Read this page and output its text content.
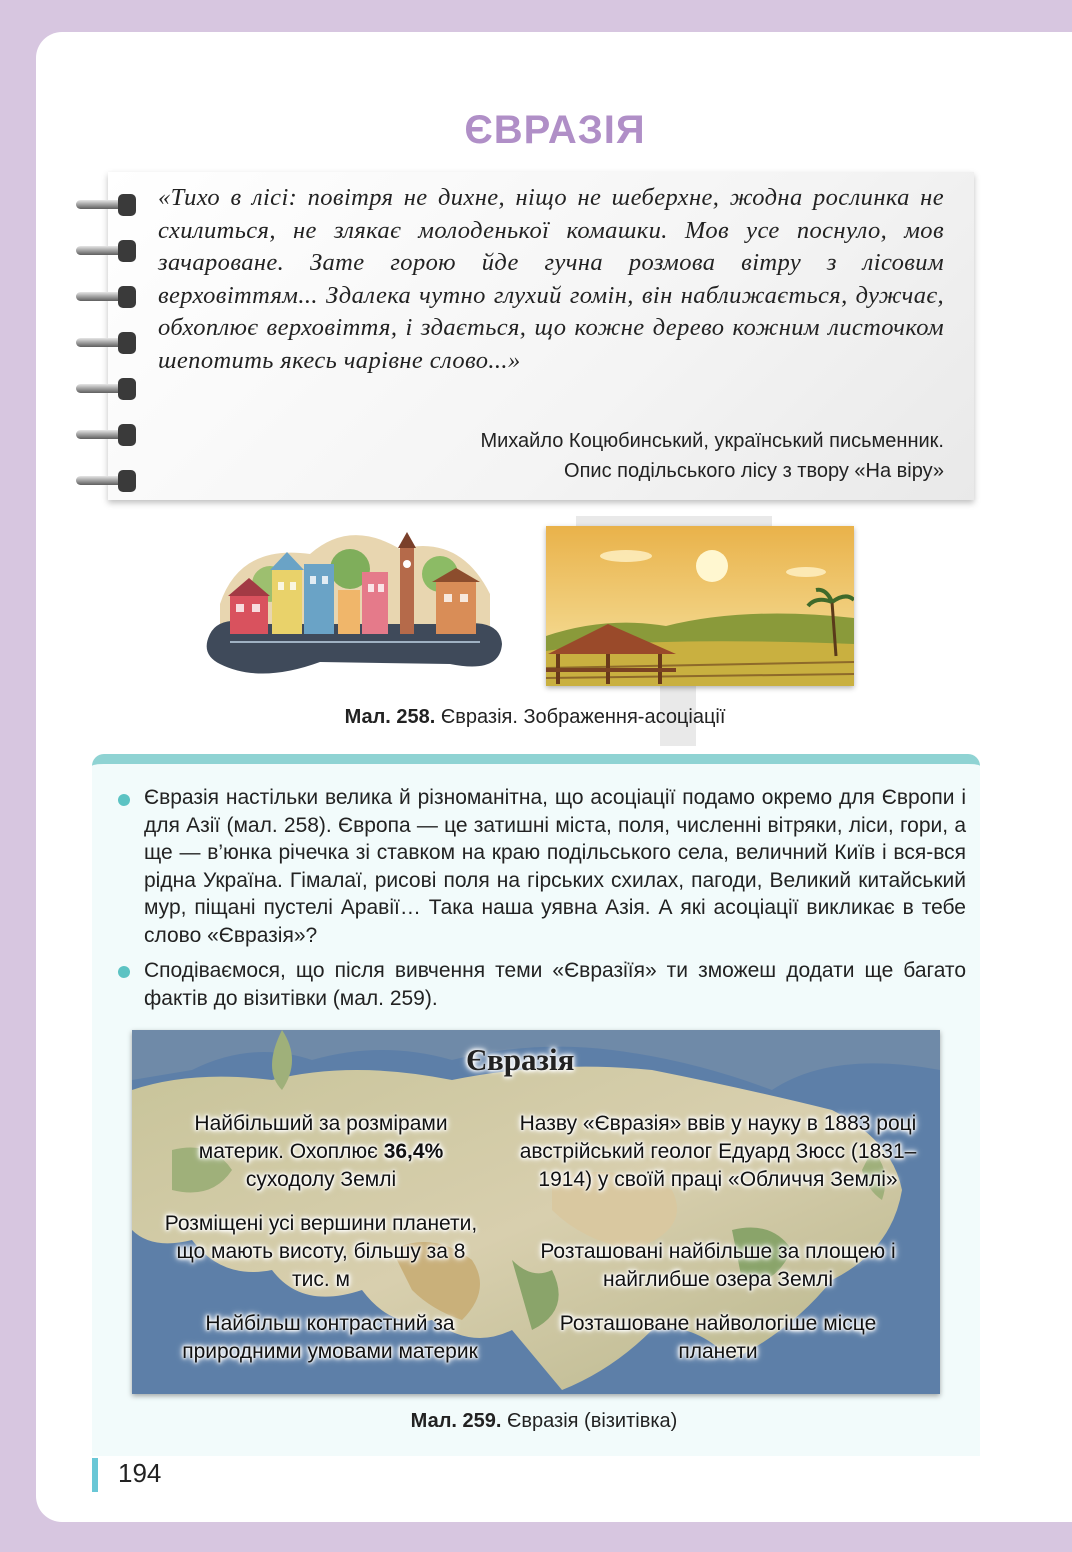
ЄВРАЗІЯ
«Тихо в лісі: повітря не дихне, ніщо не шеберхне, жодна рослинка не схилиться, не злякає молоденької комашки. Мов усе поснуло, мов зачароване. Зате горою йде гучна розмова вітру з лісовим верховіттям... Здалека чутно глухий гомін, він наближається, дужчає, обхоплює верховіття, і здається, що кожне дерево кожним листочком шепотить якесь чарівне слово...»
Михайло Коцюбинський, український письменник.
Опис подільського лісу з твору «На віру»
Мал. 258. Євразія. Зображення-асоціації
Євразія настільки велика й різноманітна, що асоціації подамо окремо для Європи і для Азії (мал. 258). Європа — це затишні міста, поля, численні вітряки, ліси, гори, а ще — в’юнка річечка зі ставком на краю подільського села, величний Київ і вся-вся рідна Україна. Гімалаї, рисові поля на гірських схилах, пагоди, Великий китайський мур, піщані пустелі Аравії… Така наша уявна Азія. А які асоціації викликає в тебе слово «Євразія»?
Сподіваємося, що після вивчення теми «Євразіїя» ти зможеш додати ще багато фактів до візитівки (мал. 259).
Євразія
Найбільший за розмірами материк. Охоплює 36,4% суходолу Землі
Розміщені усі вершини планети, що мають висоту, більшу за 8 тис. м
Найбільш контрастний за природними умовами материк
Назву «Євразія» ввів у науку в 1883 році австрійський геолог Едуард Зюсс (1831–1914) у своїй праці «Обличчя Землі»
Розташовані найбільше за площею і найглибше озера Землі
Розташоване найвологіше місце планети
Мал. 259. Євразія (візитівка)
194
